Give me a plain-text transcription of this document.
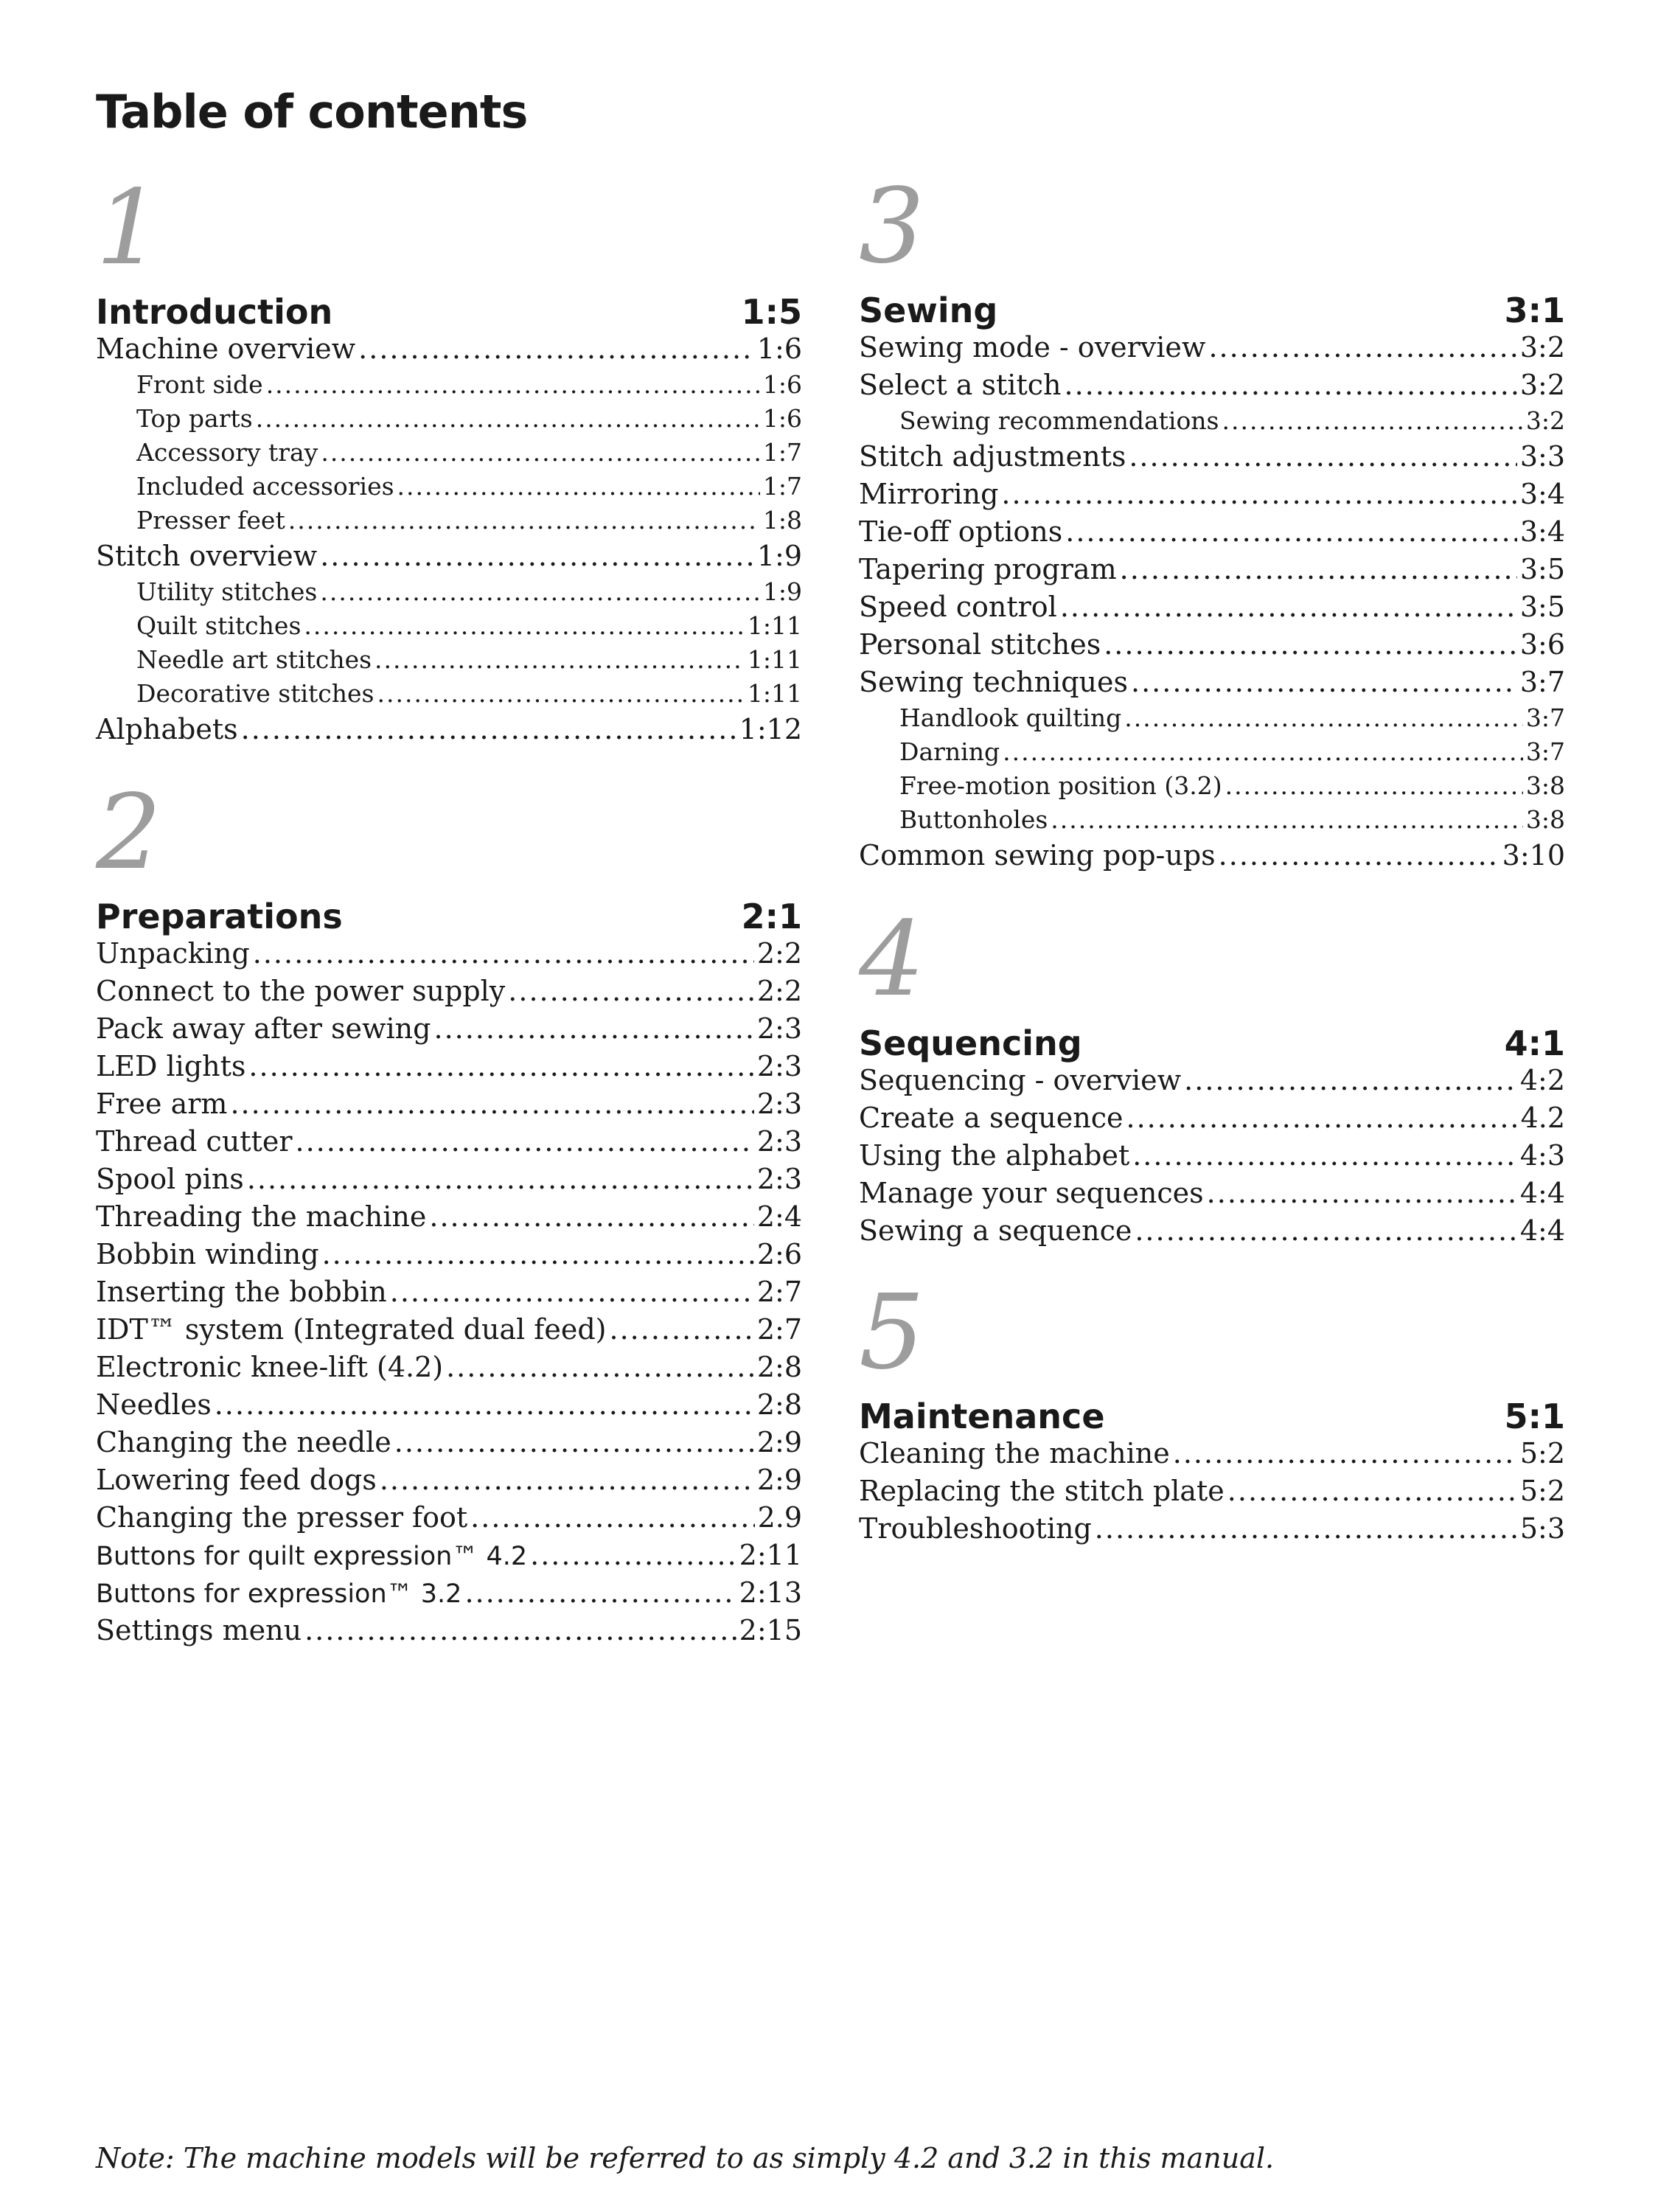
Table of contents
1
Introduction	1:5
Machine overview .....	1:6
Front side .....	1:6
Top parts .....	1:6
Accessory tray .....	1:7
Included accessories .....	1:7
Presser feet .....	1:8
Stitch overview .....	1:9
Utility stitches .....	1:9
Quilt stitches .....	1:11
Needle art stitches .....	1:11
Decorative stitches .....	1:11
Alphabets .....	1:12
2
Preparations	2:1
Unpacking .....	2:2
Connect to the power supply .....	2:2
Pack away after sewing .....	2:3
LED lights .....	2:3
Free arm .....	2:3
Thread cutter .....	2:3
Spool pins .....	2:3
Threading the machine .....	2:4
Bobbin winding .....	2:6
Inserting the bobbin .....	2:7
IDT™ system (Integrated dual feed) .....	2:7
Electronic knee-lift (4.2) .....	2:8
Needles .....	2:8
Changing the needle .....	2:9
Lowering feed dogs .....	2:9
Changing the presser foot .....	2.9
Buttons for quilt expression™ 4.2 .....	2:11
Buttons for expression™ 3.2 .....	2:13
Settings menu .....	2:15
3
Sewing	3:1
Sewing mode - overview .....	3:2
Select a stitch .....	3:2
Sewing recommendations .....	3:2
Stitch adjustments .....	3:3
Mirroring .....	3:4
Tie-off options .....	3:4
Tapering program .....	3:5
Speed control .....	3:5
Personal stitches .....	3:6
Sewing techniques .....	3:7
Handlook quilting .....	3:7
Darning .....	3:7
Free-motion position (3.2) .....	3:8
Buttonholes .....	3:8
Common sewing pop-ups .....	3:10
4
Sequencing	4:1
Sequencing - overview .....	4:2
Create a sequence .....	4.2
Using the alphabet .....	4:3
Manage your sequences .....	4:4
Sewing a sequence .....	4:4
5
Maintenance	5:1
Cleaning the machine .....	5:2
Replacing the stitch plate .....	5:2
Troubleshooting .....	5:3

Note: The machine models will be referred to as simply 4.2 and 3.2 in this manual.
